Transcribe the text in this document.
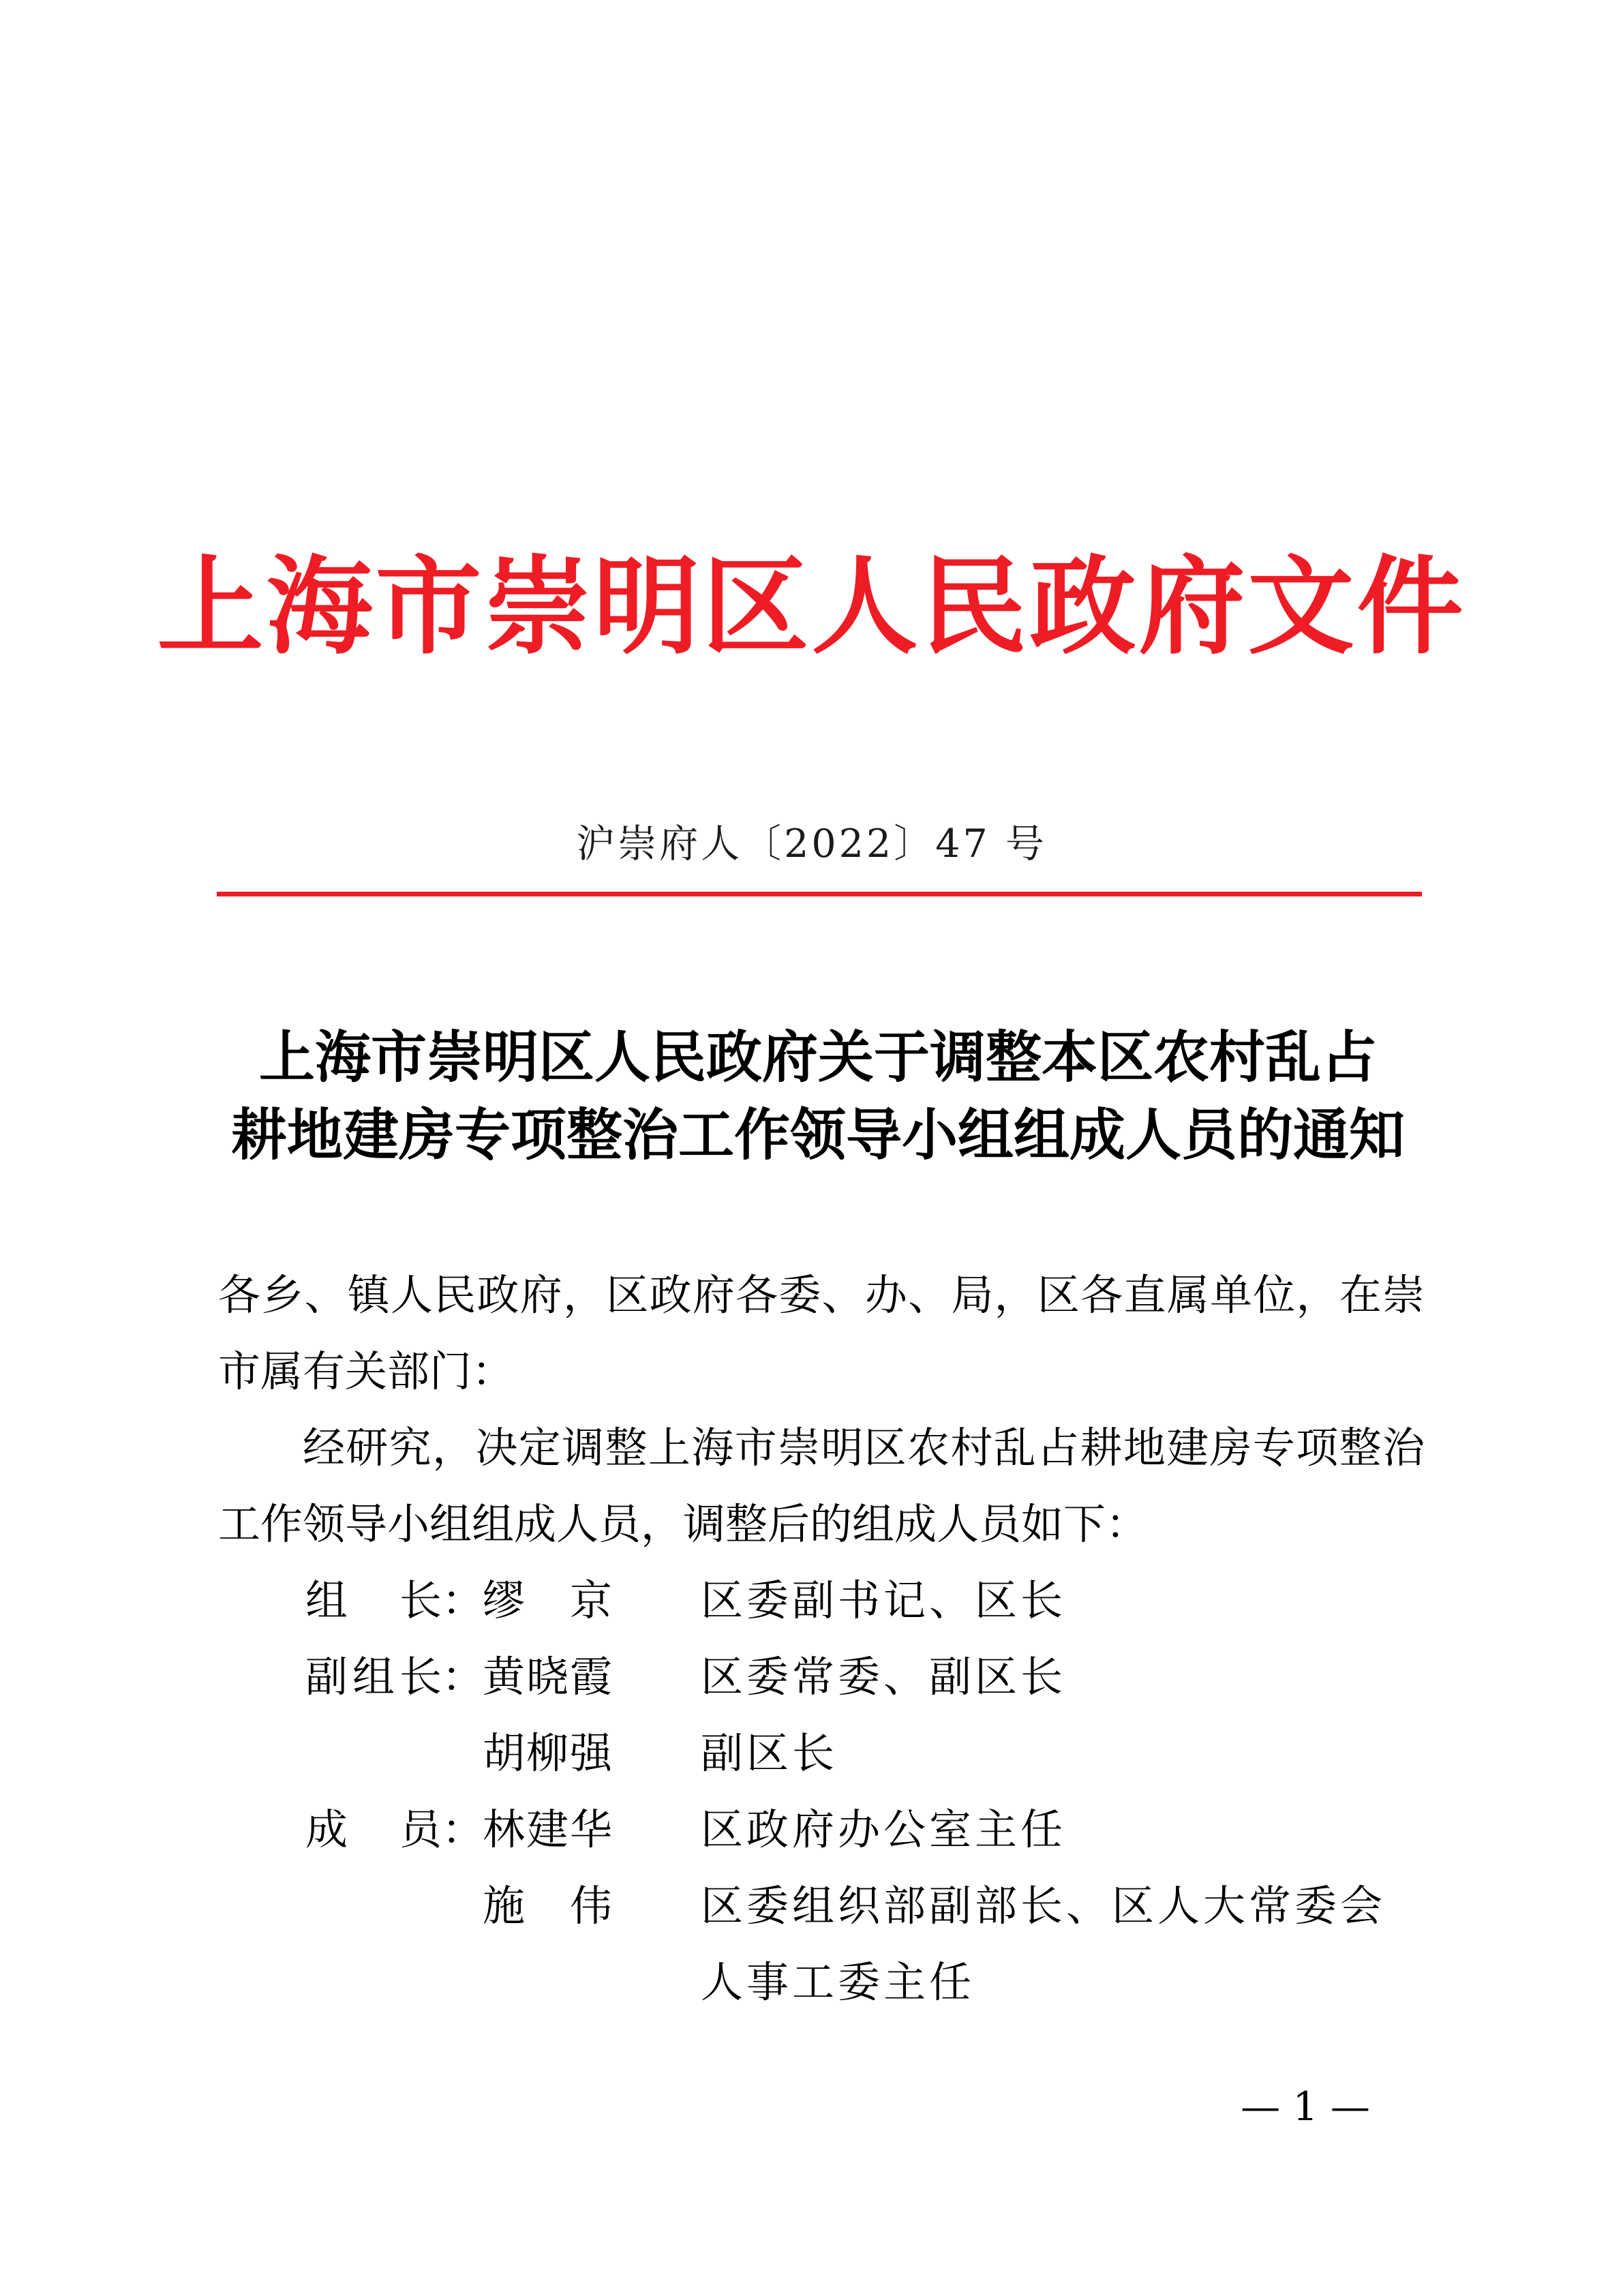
上海市崇明区人民政府文件
沪崇府人〔2022〕47 号
上海市崇明区人民政府关于调整本区农村乱占
耕地建房专项整治工作领导小组组成人员的通知
各乡、镇人民政府，区政府各委、办、局，区各直属单位，在崇
市属有关部门：
经研究，决定调整上海市崇明区农村乱占耕地建房专项整治
工作领导小组组成人员，调整后的组成人员如下：
组长 ：
缪京 区委副书记、区长
副组长 ：
黄晓霞 区委常委、副区长
胡柳强 副区长
成员 ：
林建华 区政府办公室主任
施伟 区委组织部副部长、区人大常委会
人事工委主任
— 1 —
